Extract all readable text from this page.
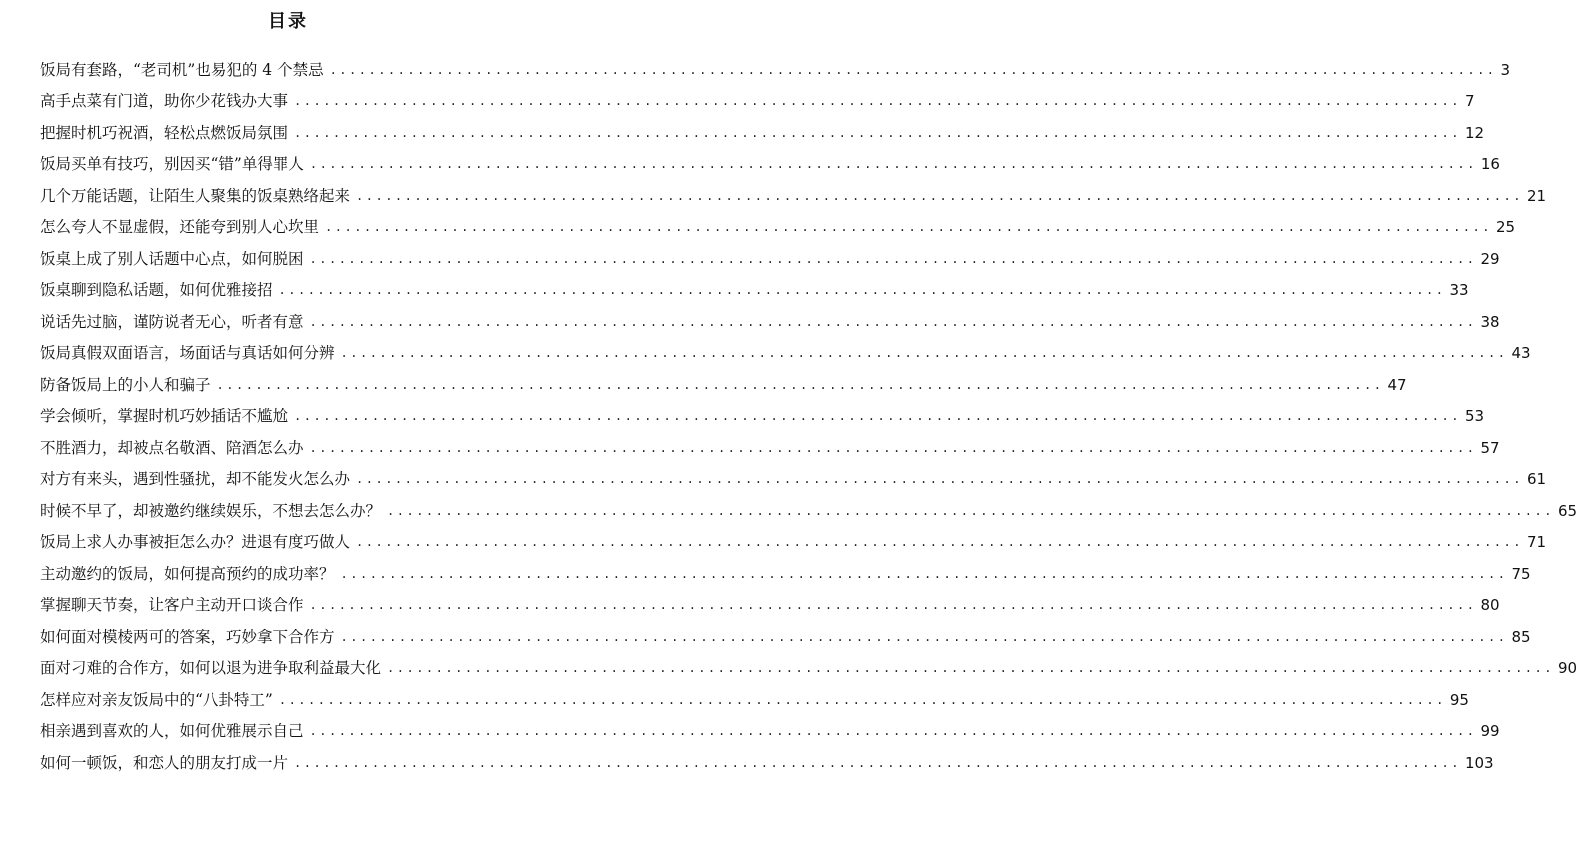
目录
饭局有套路，“老司机”也易犯的 4 个禁忌 ........................................................................................................................ 3
高手点菜有门道，助你少花钱办大事 ........................................................................................................................ 7
把握时机巧祝酒，轻松点燃饭局氛围 ........................................................................................................................ 12
饭局买单有技巧，别因买“错”单得罪人 ........................................................................................................................ 16
几个万能话题，让陌生人聚集的饭桌熟络起来 ........................................................................................................................ 21
怎么夸人不显虚假，还能夸到别人心坎里 ........................................................................................................................ 25
饭桌上成了别人话题中心点，如何脱困 ........................................................................................................................ 29
饭桌聊到隐私话题，如何优雅接招 ........................................................................................................................ 33
说话先过脑，谨防说者无心，听者有意 ........................................................................................................................ 38
饭局真假双面语言，场面话与真话如何分辨 ........................................................................................................................ 43
防备饭局上的小人和骗子 ........................................................................................................................ 47
学会倾听，掌握时机巧妙插话不尴尬 ........................................................................................................................ 53
不胜酒力，却被点名敬酒、陪酒怎么办 ........................................................................................................................ 57
对方有来头，遇到性骚扰，却不能发火怎么办 ........................................................................................................................ 61
时候不早了，却被邀约继续娱乐，不想去怎么办？ ........................................................................................................................ 65
饭局上求人办事被拒怎么办？进退有度巧做人 ........................................................................................................................ 71
主动邀约的饭局，如何提高预约的成功率？ ........................................................................................................................ 75
掌握聊天节奏，让客户主动开口谈合作 ........................................................................................................................ 80
如何面对模棱两可的答案，巧妙拿下合作方 ........................................................................................................................ 85
面对刁难的合作方，如何以退为进争取利益最大化 ........................................................................................................................ 90
怎样应对亲友饭局中的“八卦特工” ........................................................................................................................ 95
相亲遇到喜欢的人，如何优雅展示自己 ........................................................................................................................ 99
如何一顿饭，和恋人的朋友打成一片 ........................................................................................................................ 103
